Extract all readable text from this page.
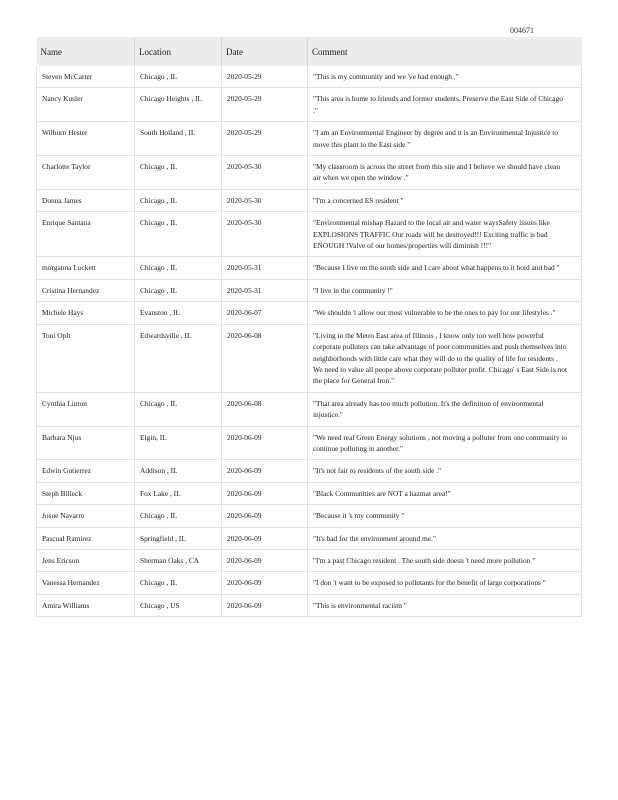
004671
Name	Location	Date	Comment
Steven McCarter	Chicago , IL	2020-05-29	"This is my community and we 've had enough ."
Nancy Kusler	Chicago Heights , IL	2020-05-29	"This area is home to friends and former students. Preserve the East Side of Chicago ."
Wilburn Hester	South Holland , IL	2020-05-29	"I am an Environmental Engineer by degree and it is an Environmental Injustice to move this plant to the East side "
Charlotte Taylor	Chicago , IL	2020-05-30	"My classroom is across the street from this site and I believe we should have clean air when we open the window ."
Donna James	Chicago , IL	2020-05-30	"I'm a concerned ES resident "
Enrique Santana	Chicago , IL	2020-05-30	"Environmental mishap Hazard to the local air and water waysSafety issues like EXPLOSIONS TRAFFIC Our roads will be destroyed!!! Exciting traffic is bad ENOUGH !Valve of our homes/properties will diminish !!!"
morganna Lockett	Chicago , IL	2020-05-31	"Because I live on the south side and I care about what happens to it hoid and bad "
Cristina Hernandez	Chicago , IL	2020-05-31	"I live in the community !"
Michele Hays	Evanston , IL	2020-06-07	"We shouldn 't allow our most vulnerable to be the ones to pay for our lifestyles ."
Toni Oplt	Edwardsville , IL	2020-06-08	"Living in the Metro East area of Illinois , I know only too well how powerful corporate polluters can take advantage of poor communities and push themselves into neighborhoods with little care what they will do to the quality of life for residents . We need to value all peope above corporate polluter profit. Chicago' s East Side is not the place for General Iron."
Cynthia Linton	Chicago , IL	2020-06-08	"That area already has too much pollution. It's the definition of environmental injustice."
Barbara Njus	Elgin, IL	2020-06-09	"We need real Green Energy solutions , not moving a polluter from one community to continue polluting in another."
Edwin Gutierrez	Addison , IL	2020-06-09	"It's not fair to residents of the south side ."
Steph Billeck	Fox Lake , IL	2020-06-09	"Black Communities are NOT a hazmat area!"
Josue Navarro	Chicago , IL	2020-06-09	"Because it 's my community "
Pascual Ramirez	Springfield , IL	2020-06-09	"It's bad for the environment around me."
Jens Ericson	Sherman Oaks , CA	2020-06-09	"I'm a past Chicago resident . The south side doesn 't need more pollution "
Vanessa Hernandez	Chicago , IL	2020-06-09	"I don 't want to be exposed to pollutants for the benefit of large corporations "
Amira Williams	Chicago , US	2020-06-09	"This is environmental racism "
